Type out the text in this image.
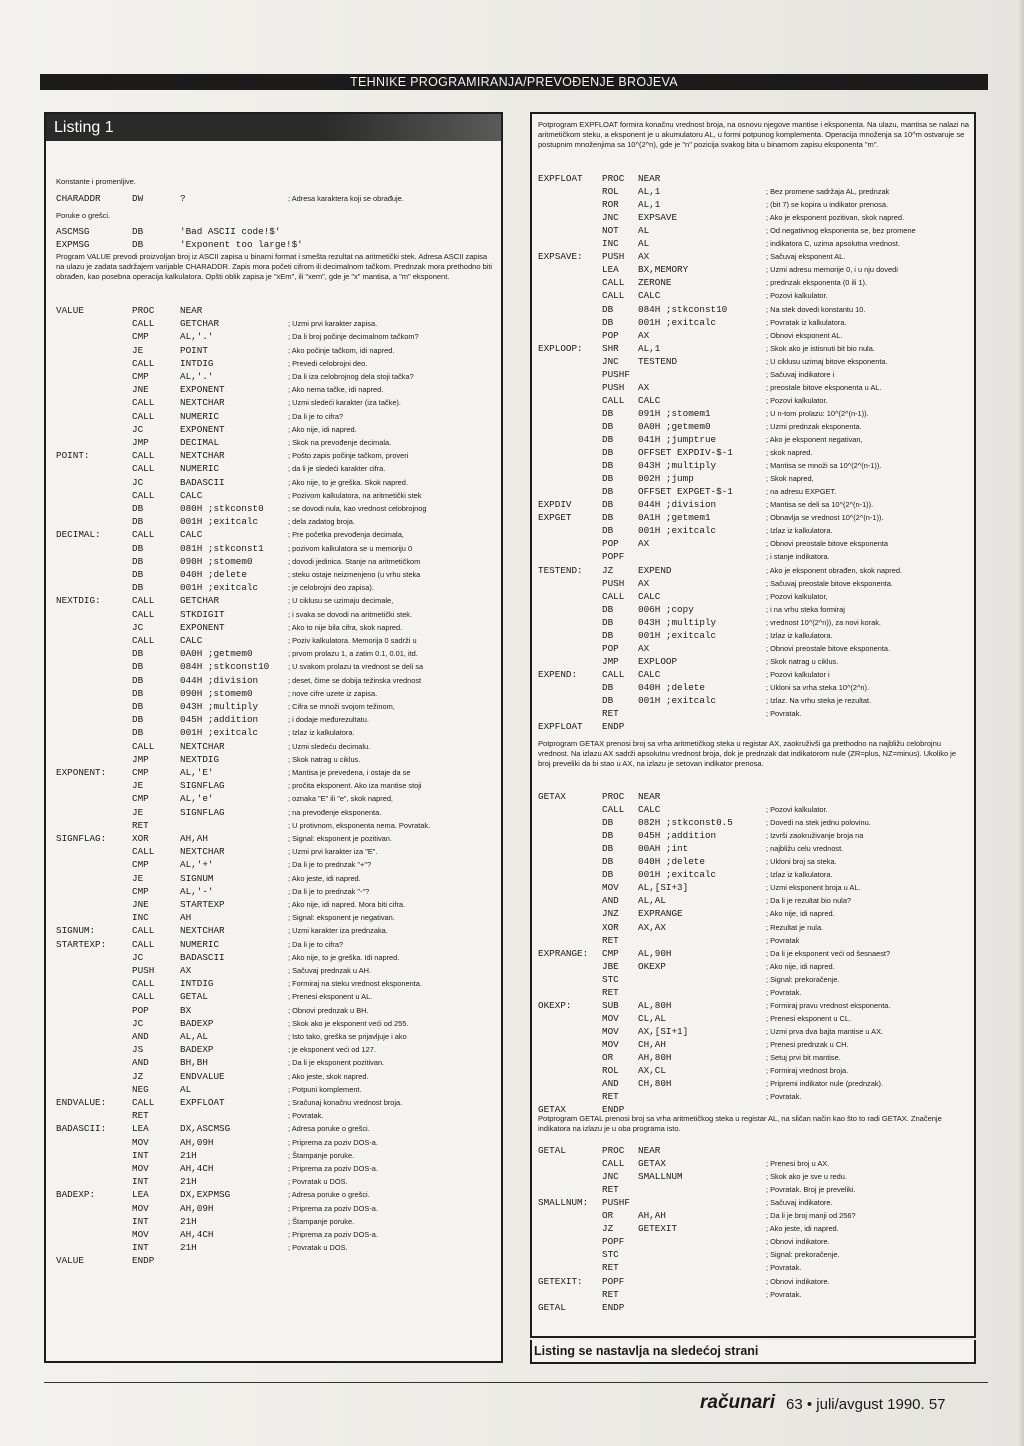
TEHNIKE PROGRAMIRANJA/PREVOĐENJE BROJEVA
Listing 1
Konstante i promenljive.
Poruke o grešci.
Program VALUE prevodi proizvoljan broj iz ASCII zapisa u binarni format i smešta rezultat na aritmetički stek. Adresa ASCII zapisa na ulazu je zadata sadržajem varijable CHARADDR. Zapis mora početi cifrom ili decimalnom tačkom. Prednzak mora prethodno biti obrađen, kao posebna operacija kalkulatora. Opšti oblik zapisa je "xEm", ili "xem", gde je "x" mantisa, a "m" eksponent.
CHARADDR	DW	?	; Adresa karaktera koji se obrađuje.
ASCMSG	DB	'Bad ASCII code!$'
EXPMSG	DB	'Exponent too large!$'
VALUE	PROC	NEAR
CALL	GETCHAR	; Uzmi prvi karakter zapisa.
CMP	AL,'.'	; Da li broj počinje decimalnom tačkom?
JE	POINT	; Ako počinje tačkom, idi napred.
CALL	INTDIG	; Prevedi celobrojni deo.
CMP	AL,'.'	; Da li iza celobrojnog dela stoji tačka?
JNE	EXPONENT	; Ako nema tačke, idi napred.
CALL	NEXTCHAR	; Uzmi sledeći karakter (iza tačke).
CALL	NUMERIC	; Da li je to cifra?
JC	EXPONENT	; Ako nije, idi napred.
JMP	DECIMAL	; Skok na prevođenje decimala.
POINT:	CALL	NEXTCHAR	; Pošto zapis počinje tačkom, proveri
CALL	NUMERIC	; da li je sledeći karakter cifra.
JC	BADASCII	; Ako nije, to je greška. Skok napred.
CALL	CALC	; Pozivom kalkulatora, na aritmetički stek
DB	080H ;stkconst0	; se dovodi nula, kao vrednost celobrojnog
DB	001H ;exitcalc	; dela zadatog broja.
DECIMAL:	CALL	CALC	; Pre početka prevođenja decimala,
DB	081H ;stkconst1	; pozivom kalkulatora se u memoriju 0
DB	090H ;stomem0	; dovodi jedinica. Stanje na aritmetičkom
DB	040H ;delete	; steku ostaje neizmenjeno (u vrhu steka
DB	001H ;exitcalc	; je celobrojni deo zapisa).
NEXTDIG:	CALL	GETCHAR	; U ciklusu se uzimaju decimale,
CALL	STKDIGIT	; i svaka se dovodi na aritmetički stek.
JC	EXPONENT	; Ako to nije bila cifra, skok napred.
CALL	CALC	; Poziv kalkulatora. Memorija 0 sadrži u
DB	0A0H ;getmem0	; prvom prolazu 1, a zatim 0.1, 0.01, itd.
DB	084H ;stkconst10	; U svakom prolazu ta vrednost se deli sa
DB	044H ;division	; deset, čime se dobija težinska vrednost
DB	090H ;stomem0	; nove cifre uzete iz zapisa.
DB	043H ;multiply	; Cifra se množi svojom težinom,
DB	045H ;addition	; i dodaje međurezultatu.
DB	001H ;exitcalc	; Izlaz iz kalkulatora.
CALL	NEXTCHAR	; Uzmi sledeću decimalu.
JMP	NEXTDIG	; Skok natrag u ciklus.
EXPONENT:	CMP	AL,'E'	; Mantisa je prevedena, i ostaje da se
JE	SIGNFLAG	; pročita eksponent. Ako iza mantise stoji
CMP	AL,'e'	; oznaka "E" ili "e", skok napred,
JE	SIGNFLAG	; na prevođenje eksponenta.
RET	; U protivnom, eksponenta nema. Povratak.
SIGNFLAG:	XOR	AH,AH	; Signal: eksponent je pozitivan.
CALL	NEXTCHAR	; Uzmi prvi karakter iza "E".
CMP	AL,'+'	; Da li je to prednzak "+"?
JE	SIGNUM	; Ako jeste, idi napred.
CMP	AL,'-'	; Da li je to prednzak "-"?
JNE	STARTEXP	; Ako nije, idi napred. Mora biti cifra.
INC	AH	; Signal: eksponent je negativan.
SIGNUM:	CALL	NEXTCHAR	; Uzmi karakter iza prednzaka.
STARTEXP:	CALL	NUMERIC	; Da li je to cifra?
JC	BADASCII	; Ako nije, to je greška. Idi napred.
PUSH	AX	; Sačuvaj prednzak u AH.
CALL	INTDIG	; Formiraj na steku vrednost eksponenta.
CALL	GETAL	; Prenesi eksponent u AL.
POP	BX	; Obnovi prednzak u BH.
JC	BADEXP	; Skok ako je eksponent veći od 255.
AND	AL,AL	; Isto tako, greška se prijavljuje i ako
JS	BADEXP	; je eksponent veći od 127.
AND	BH,BH	; Da li je eksponent pozitivan.
JZ	ENDVALUE	; Ako jeste, skok napred.
NEG	AL	; Potpuni komplement.
ENDVALUE:	CALL	EXPFLOAT	; Sračunaj konačnu vrednost broja.
RET	; Povratak.
BADASCII:	LEA	DX,ASCMSG	; Adresa poruke o grešci.
MOV	AH,09H	; Priprema za poziv DOS-a.
INT	21H	; Štampanje poruke.
MOV	AH,4CH	; Priprema za poziv DOS-a.
INT	21H	; Povratak u DOS.
BADEXP:	LEA	DX,EXPMSG	; Adresa poruke o grešci.
MOV	AH,09H	; Priprema za poziv DOS-a.
INT	21H	; Štampanje poruke.
MOV	AH,4CH	; Priprema za poziv DOS-a.
INT	21H	; Povratak u DOS.
VALUE	ENDP
Potprogram EXPFLOAT formira konačnu vrednost broja, na osnovu njegove mantise i eksponenta. Na ulazu, mantisa se nalazi na aritmetičkom steku, a eksponent je u akumulatoru AL, u formi potpunog komplementa. Operacija množenja sa 10^m ostvaruje se postupnim množenjima sa 10^(2^n), gde je "n" pozicija svakog bita u binarnom zapisu eksponenta "m".
Potprogram GETAX prenosi broj sa vrha aritmetičkog steka u registar AX, zaokruživši ga prethodno na najbližu celobrojnu vrednost. Na izlazu AX sadrži apsolutnu vrednost broja, dok je prednzak dat indikatorom nule (ZR=plus, NZ=minus). Ukoliko je broj preveliki da bi stao u AX, na izlazu je setovan indikator prenosa.
Potprogram GETAL prenosi broj sa vrha aritmetičkog steka u registar AL, na sličan način kao što to radi GETAX. Značenje indikatora na izlazu je u oba programa isto.
EXPFLOAT PROC NEAR
ROL AL,1	; Bez promene sadržaja AL, prednzak
ROR AL,1	; (bit 7) se kopira u indikator prenosa.
JNC EXPSAVE	; Ako je eksponent pozitivan, skok napred.
NOT AL	; Od negativnog eksponenta se, bez promene
INC AL	; indikatora C, uzima apsolutna vrednost.
EXPSAVE: PUSH AX	; Sačuvaj eksponent AL.
LEA BX,MEMORY	; Uzmi adresu memorije 0, i u nju dovedi
CALL ZERONE	; prednzak eksponenta (0 ili 1).
CALL CALC	; Pozovi kalkulator.
DB	084H ;stkconst10	; Na stek dovedi konstantu 10.
DB	001H ;exitcalc	; Povratak iz kalkulatora.
POP AX	; Obnovi eksponent AL.
EXPLOOP: SHR AL,1	; Skok ako je istisnuti bit bio nula.
JNC TESTEND	; U ciklusu uzimaj bitove eksponenta.
PUSHF	; Sačuvaj indikatore i
PUSH AX	; preostale bitove eksponenta u AL.
CALL CALC	; Pozovi kalkulator.
DB	091H ;stomem1	; U n-tom prolazu: 10^(2^(n-1)).
DB	0A0H ;getmem0	; Uzmi prednzak eksponenta.
DB	041H ;jumptrue	; Ako je eksponent negativan,
DB	OFFSET EXPDIV-$-1	; skok napred.
DB	043H ;multiply	; Mantisa se množi sa 10^(2^(n-1)).
DB	002H ;jump	; Skok napred,
DB	OFFSET EXPGET-$-1	; na adresu EXPGET.
EXPDIV	DB	044H ;division	; Mantisa se deli sa 10^(2^(n-1)).
EXPGET	DB	0A1H ;getmem1	; Obnavlja se vrednost 10^(2^(n-1)).
DB	001H ;exitcalc	; Izlaz iz kalkulatora.
POP AX	; Obnovi preostale bitove eksponenta
POPF	; i stanje indikatora.
TESTEND: JZ	EXPEND	; Ako je eksponent obrađen, skok napred.
PUSH AX	; Sačuvaj preostale bitove eksponenta.
CALL CALC	; Pozovi kalkulator,
DB	006H ;copy	; i na vrhu steka formiraj
DB	043H ;multiply	; vrednost 10^(2^n)), za novi korak.
DB	001H ;exitcalc	; Izlaz iz kalkulatora.
POP AX	; Obnovi preostale bitove eksponenta.
JMP EXPLOOP	; Skok natrag u ciklus.
EXPEND:	CALL CALC	; Pozovi kalkulator i
DB	040H ;delete	; Ukloni sa vrha steka 10^(2^n).
DB	001H ;exitcalc	; Izlaz. Na vrhu steka je rezultat.
RET	; Povratak.
EXPFLOAT ENDP
GETAX	PROC NEAR
CALL CALC	; Pozovi kalkulator.
DB	082H ;stkconst0.5	; Dovedi na stek jednu polovinu.
DB	045H ;addition	; Izvrši zaokruživanje broja na
DB	00AH ;int	; najbližu celu vrednost.
DB	040H ;delete	; Ukloni broj sa steka.
DB	001H ;exitcalc	; Izlaz iz kalkulatora.
MOV AL,[SI+3]	; Uzmi eksponent broja u AL.
AND AL,AL	; Da li je rezultat bio nula?
JNZ EXPRANGE	; Ako nije, idi napred.
XOR AX,AX	; Rezultat je nula.
RET	; Povratak
EXPRANGE: CMP AL,90H	; Da li je eksponent veći od šesnaest?
JBE OKEXP	; Ako nije, idi napred.
STC	; Signal: prekoračenje.
RET	; Povratak.
OKEXP:	SUB AL,80H	; Formiraj pravu vrednost eksponenta.
MOV CL,AL	; Prenesi eksponent u CL.
MOV AX,[SI+1]	; Uzmi prva dva bajta mantise u AX.
MOV CH,AH	; Prenesi prednzak u CH.
OR	AH,80H	; Setuj prvi bit mantise.
ROL AX,CL	; Formiraj vrednost broja.
AND CH,80H	; Pripremi indikator nule (prednzak).
RET	; Povratak.
GETAX	ENDP
GETAL	PROC NEAR
CALL GETAX	; Prenesi broj u AX.
JNC SMALLNUM	; Skok ako je sve u redu.
RET	; Povratak. Broj je preveliki.
SMALLNUM: PUSHF	; Sačuvaj indikatore.
OR	AH,AH	; Da li je broj manji od 256?
JZ	GETEXIT	; Ako jeste, idi napred.
POPF	; Obnovi indikatore.
STC	; Signal: prekoračenje.
RET	; Povratak.
GETEXIT: POPF	; Obnovi indikatore.
RET	; Povratak.
GETAL	ENDP
Listing se nastavlja na sledećoj strani
računari 63 • juli/avgust 1990. 57
